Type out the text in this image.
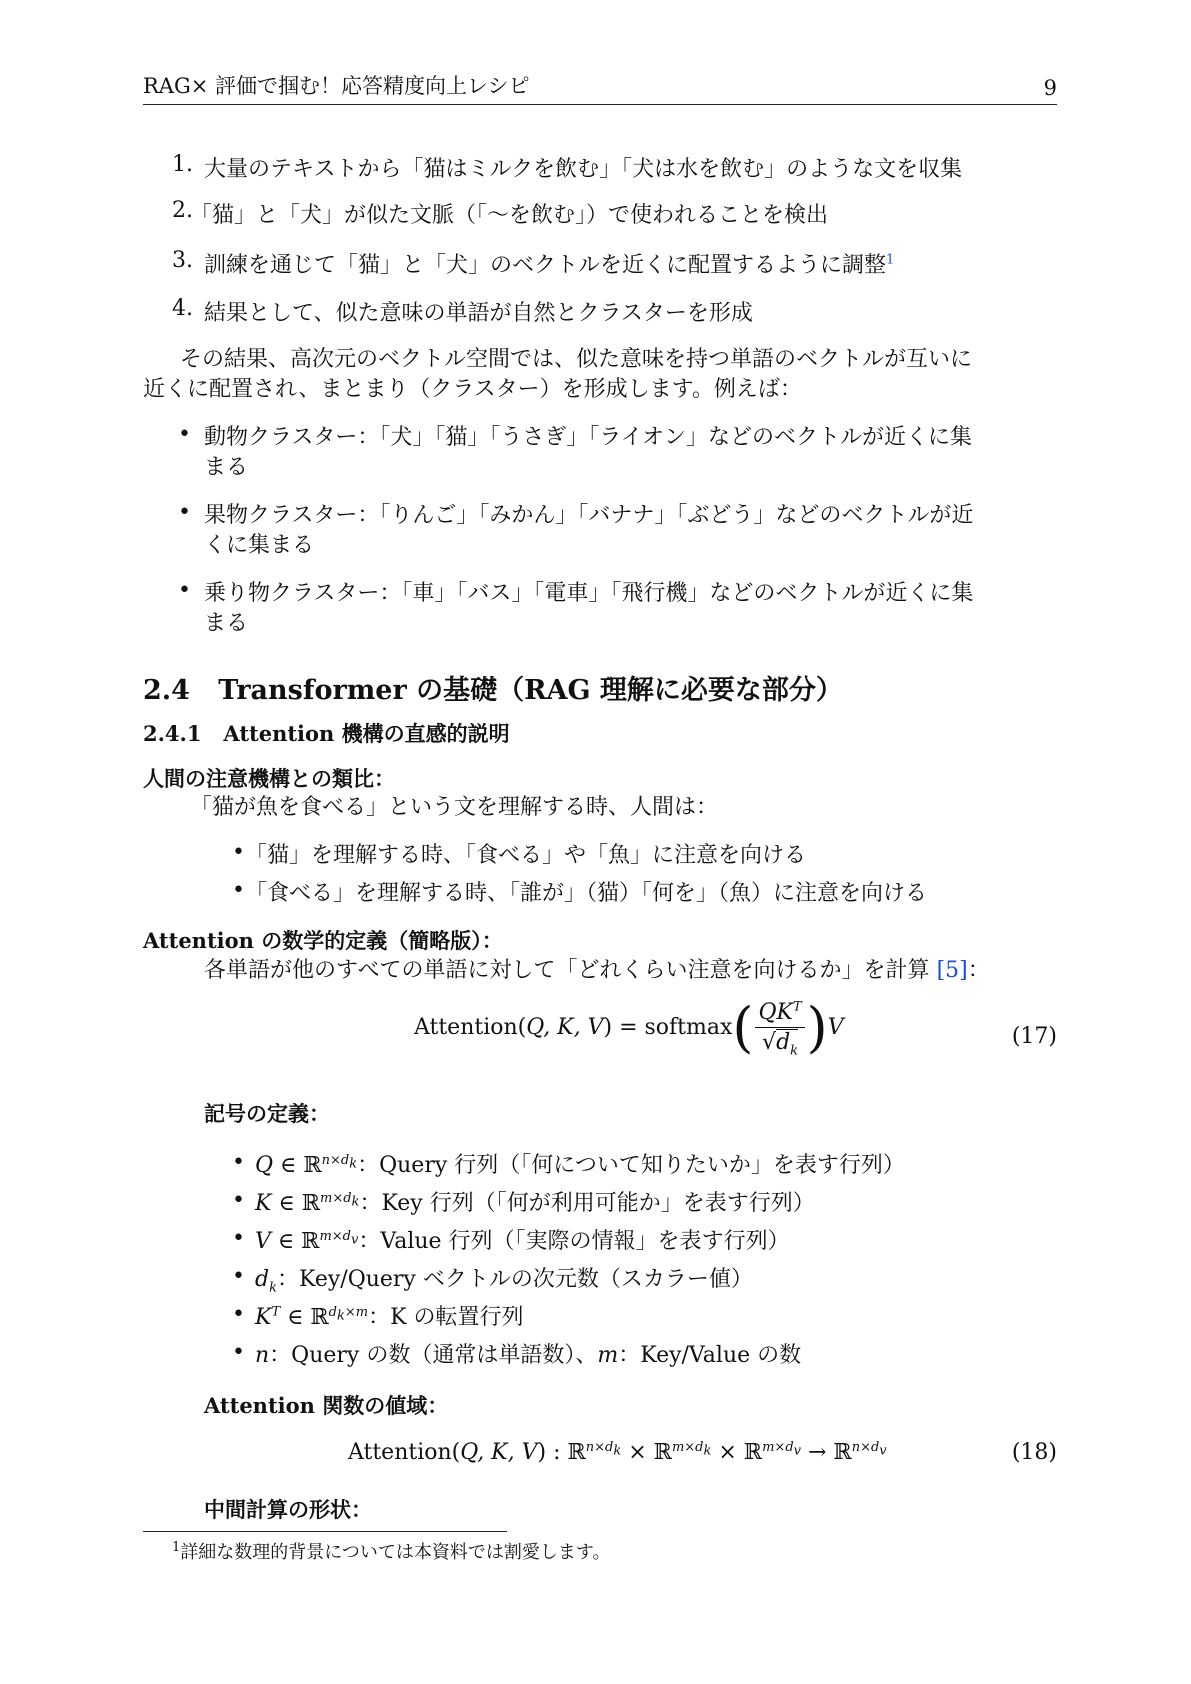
RAG× 評価で掴む！応答精度向上レシピ	9
1. 大量のテキストから「猫はミルクを飲む」「犬は水を飲む」のような文を収集
2.
「猫」と「犬」が似た文脈（「〜を飲む」）で使われることを検出
3. 訓練を通じて「猫」と「犬」のベクトルを近くに配置するように調整$^1$
4. 結果として、似た意味の単語が自然とクラスターを形成
その結果、高次元のベクトル空間では、似た意味を持つ単語のベクトルが互いに
近くに配置され、まとまり（クラスター）を形成します。例えば：
• 動物クラスター：「犬」「猫」「うさぎ」「ライオン」などのベクトルが近くに集
まる
• 果物クラスター：「りんご」「みかん」「バナナ」「ぶどう」などのベクトルが近
くに集まる
• 乗り物クラスター：「車」「バス」「電車」「飛行機」などのベクトルが近くに集
まる
2.4 Transformer の基礎（RAG 理解に必要な部分）
2.4.1 Attention 機構の直感的説明
人間の注意機構との類比：
「猫が魚を食べる」という文を理解する時、人間は：
• 「猫」を理解する時、「食べる」や「魚」に注意を向ける
• 「食べる」を理解する時、「誰が」（猫）「何を」（魚）に注意を向ける
Attention の数学的定義（簡略版）：
各単語が他のすべての単語に対して「どれくらい注意を向けるか」を計算 [5]：
Attention( Q, K, V ) = softmax ( $\frac{QK^T}{√d_k}$ ) V	(17)
記号の定義：
• Q ∈ ℝ$^{n\times dk}$：Query 行列（「何について知りたいか」を表す行列）
• K ∈ ℝ$^{m\times dk}$：Key 行列（「何が利用可能か」を表す行列）
• V ∈ ℝ$^{m\times dv}$：Value 行列（「実際の情報」を表す行列）
• $d_k$：Key/Query ベクトルの次元数（スカラー値）
• $K^T$ ∈ ℝ$^{dk\times m}$：K の転置行列
• n：Query の数（通常は単語数）、m：Key/Value の数
Attention 関数の値域：
Attention(Q, K, V) : ℝ$^{n\times dk}$ × ℝ$^{m\times dk}$ × ℝ$^{m\times dv}$ → ℝ$^{n\times dv}$	(18)
中間計算の形状：
$^1$詳細な数理的背景については本資料では割愛します。
